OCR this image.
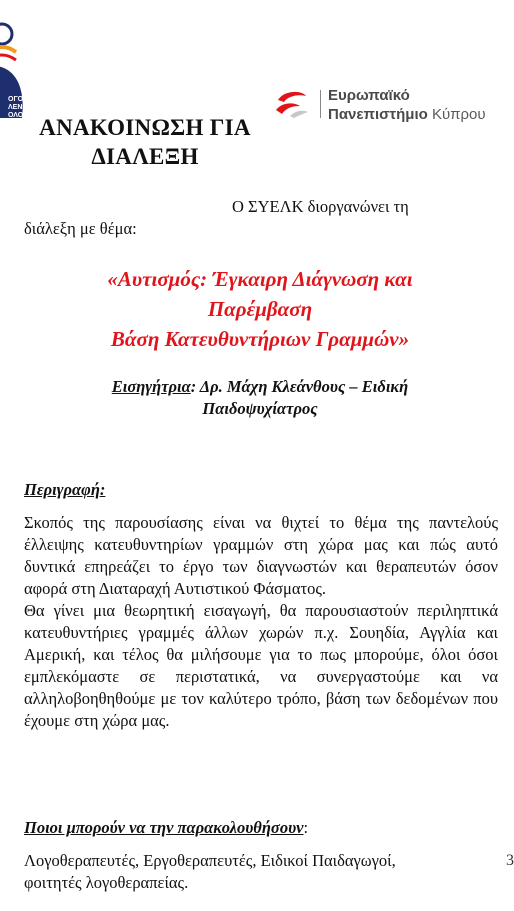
ΟΓΟΣ
ΛΕΝΩΝ
ΟΛΟΓΩΝ
Ευρωπαϊκό
Πανεπιστήμιο Κύπρου
ΑΝΑΚΟΙΝΩΣΗ ΓΙΑ
ΔΙΑΛΕΞΗ
Ο ΣΥΕΛΚ διοργανώνει τη
διάλεξη με θέμα:
«Αυτισμός: Έγκαιρη Διάγνωση και
Παρέμβαση
Βάση Κατευθυντήριων Γραμμών»
Εισηγήτρια: Δρ. Μάχη Κλεάνθους – Ειδική
Παιδοψυχίατρος
Περιγραφή:

Σκοπός της παρουσίασης είναι να θιχτεί το θέμα της παντελούς έλλειψης κατευθυντηρίων γραμμών στη χώρα μας και πώς αυτό δυντικά επηρεάζει το έργο των διαγνωστών και θεραπευτών όσον αφορά στη Διαταραχή Αυτιστικού Φάσματος.

Θα γίνει μια θεωρητική εισαγωγή, θα παρουσιαστούν περιληπτικά κατευθυντήριες γραμμές άλλων χωρών π.χ. Σουηδία, Αγγλία και Αμερική, και τέλος θα μιλήσουμε για το πως μπορούμε, όλοι όσοι εμπλεκόμαστε σε περιστατικά, να συνεργαστούμε και να αλληλοβοηθηθούμε με τον καλύτερο τρόπο, βάση των δεδομένων που έχουμε στη χώρα μας.

Ποιοι μπορούν να την παρακολουθήσουν:
Λογοθεραπευτές, Εργοθεραπευτές, Ειδικοί Παιδαγωγοί,
φοιτητές λογοθεραπείας.
3
